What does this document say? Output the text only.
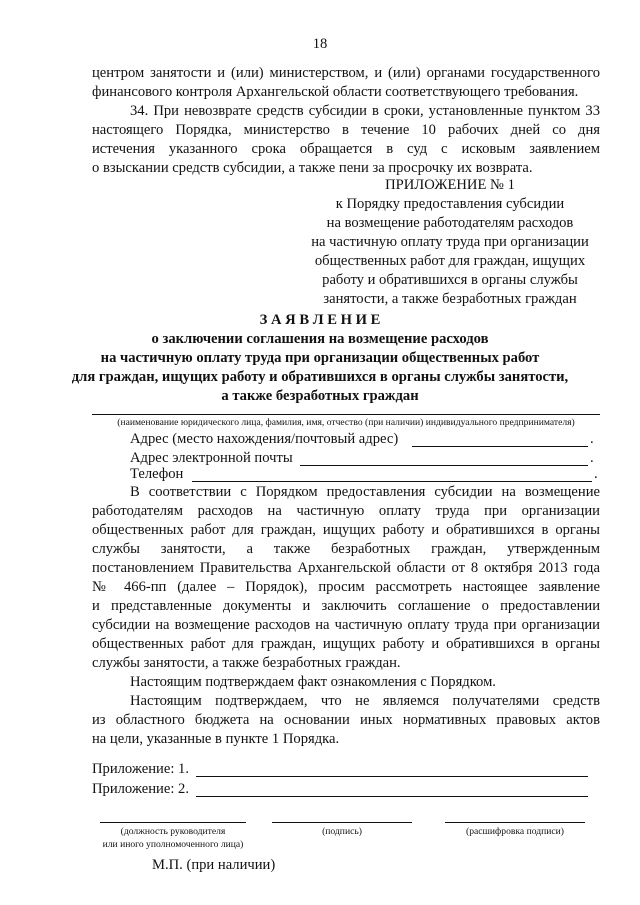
18
центром занятости и (или) министерством, и (или) органами государственного
финансового контроля Архангельской области соответствующего требования.
34. При невозврате средств субсидии в сроки, установленные пунктом 33
настоящего Порядка, министерство в течение 10 рабочих дней со дня
истечения указанного срока обращается в суд с исковым заявлением
о взыскании средств субсидии, а также пени за просрочку их возврата.
ПРИЛОЖЕНИЕ № 1
к Порядку предоставления субсидии
на возмещение работодателям расходов
на частичную оплату труда при организации
общественных работ для граждан, ищущих
работу и обратившихся в органы службы
занятости, а также безработных граждан
З А Я В Л Е Н И Е
о заключении соглашения на возмещение расходов
на частичную оплату труда при организации общественных работ
для граждан, ищущих работу и обратившихся в органы службы занятости,
а также безработных граждан
(наименование юридического лица, фамилия, имя, отчество (при наличии) индивидуального предпринимателя)
Адрес (место нахождения/почтовый адрес)	.
Адрес электронной почты	.
Телефон	.
В соответствии с Порядком предоставления субсидии на возмещение
работодателям расходов на частичную оплату труда при организации
общественных работ для граждан, ищущих работу и обратившихся в органы
службы занятости, а также безработных граждан, утвержденным
постановлением Правительства Архангельской области от 8 октября 2013 года
№ 466-пп (далее – Порядок), просим рассмотреть настоящее заявление
и представленные документы и заключить соглашение о предоставлении
субсидии на возмещение расходов на частичную оплату труда при организации
общественных работ для граждан, ищущих работу и обратившихся в органы
службы занятости, а также безработных граждан.
Настоящим подтверждаем факт ознакомления с Порядком.
Настоящим подтверждаем, что не являемся получателями средств
из областного бюджета на основании иных нормативных правовых актов
на цели, указанные в пункте 1 Порядка.
Приложение: 1.
Приложение: 2.
(должность руководителя	(подпись)	(расшифровка подписи)
или иного уполномоченного лица)
М.П. (при наличии)
